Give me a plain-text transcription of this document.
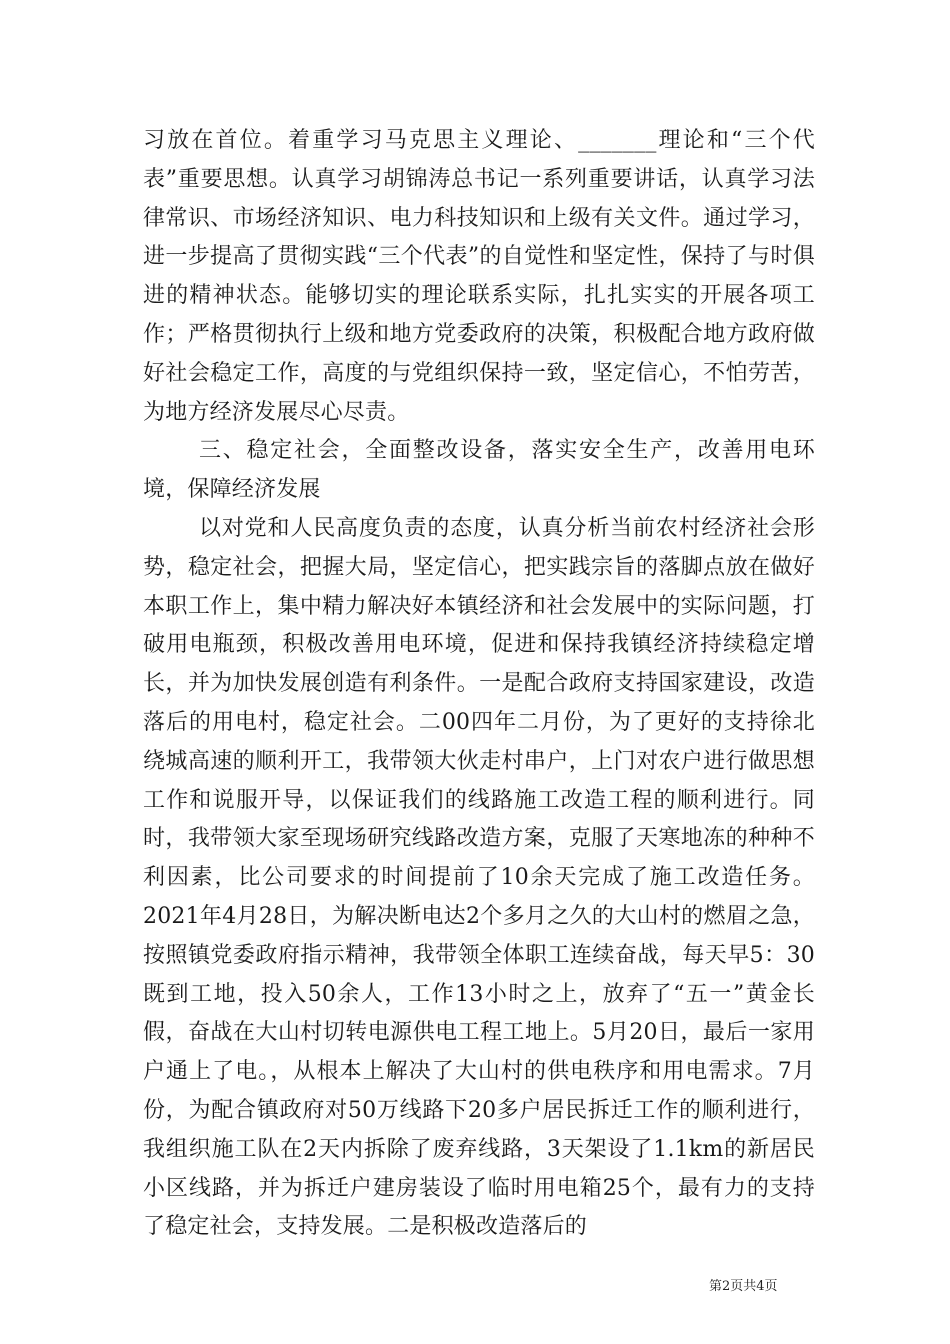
习放在首位。着重学习马克思主义理论、_______理论和“三个代表”重要思想。认真学习胡锦涛总书记一系列重要讲话，认真学习法律常识、市场经济知识、电力科技知识和上级有关文件。通过学习，进一步提高了贯彻实践“三个代表”的自觉性和坚定性，保持了与时俱进的精神状态。能够切实的理论联系实际，扎扎实实的开展各项工作；严格贯彻执行上级和地方党委政府的决策，积极配合地方政府做好社会稳定工作，高度的与党组织保持一致，坚定信心，不怕劳苦，为地方经济发展尽心尽责。

三、稳定社会，全面整改设备，落实安全生产，改善用电环境，保障经济发展

以对党和人民高度负责的态度，认真分析当前农村经济社会形势，稳定社会，把握大局，坚定信心，把实践宗旨的落脚点放在做好本职工作上，集中精力解决好本镇经济和社会发展中的实际问题，打破用电瓶颈，积极改善用电环境，促进和保持我镇经济持续稳定增长，并为加快发展创造有利条件。一是配合政府支持国家建设，改造落后的用电村，稳定社会。二00四年二月份，为了更好的支持徐北绕城高速的顺利开工，我带领大伙走村串户，上门对农户进行做思想工作和说服开导，以保证我们的线路施工改造工程的顺利进行。同时，我带领大家至现场研究线路改造方案，克服了天寒地冻的种种不利因素，比公司要求的时间提前了10余天完成了施工改造任务。2021年4月28日，为解决断电达2个多月之久的大山村的燃眉之急，按照镇党委政府指示精神，我带领全体职工连续奋战，每天早5：30既到工地，投入50余人，工作13小时之上，放弃了“五一”黄金长假，奋战在大山村切转电源供电工程工地上。5月20日，最后一家用户通上了电。，从根本上解决了大山村的供电秩序和用电需求。7月份，为配合镇政府对50万线路下20多户居民拆迁工作的顺利进行，我组织施工队在2天内拆除了废弃线路，3天架设了1.1km的新居民小区线路，并为拆迁户建房装设了临时用电箱25个，最有力的支持了稳定社会，支持发展。二是积极改造落后的

第2页共4页
